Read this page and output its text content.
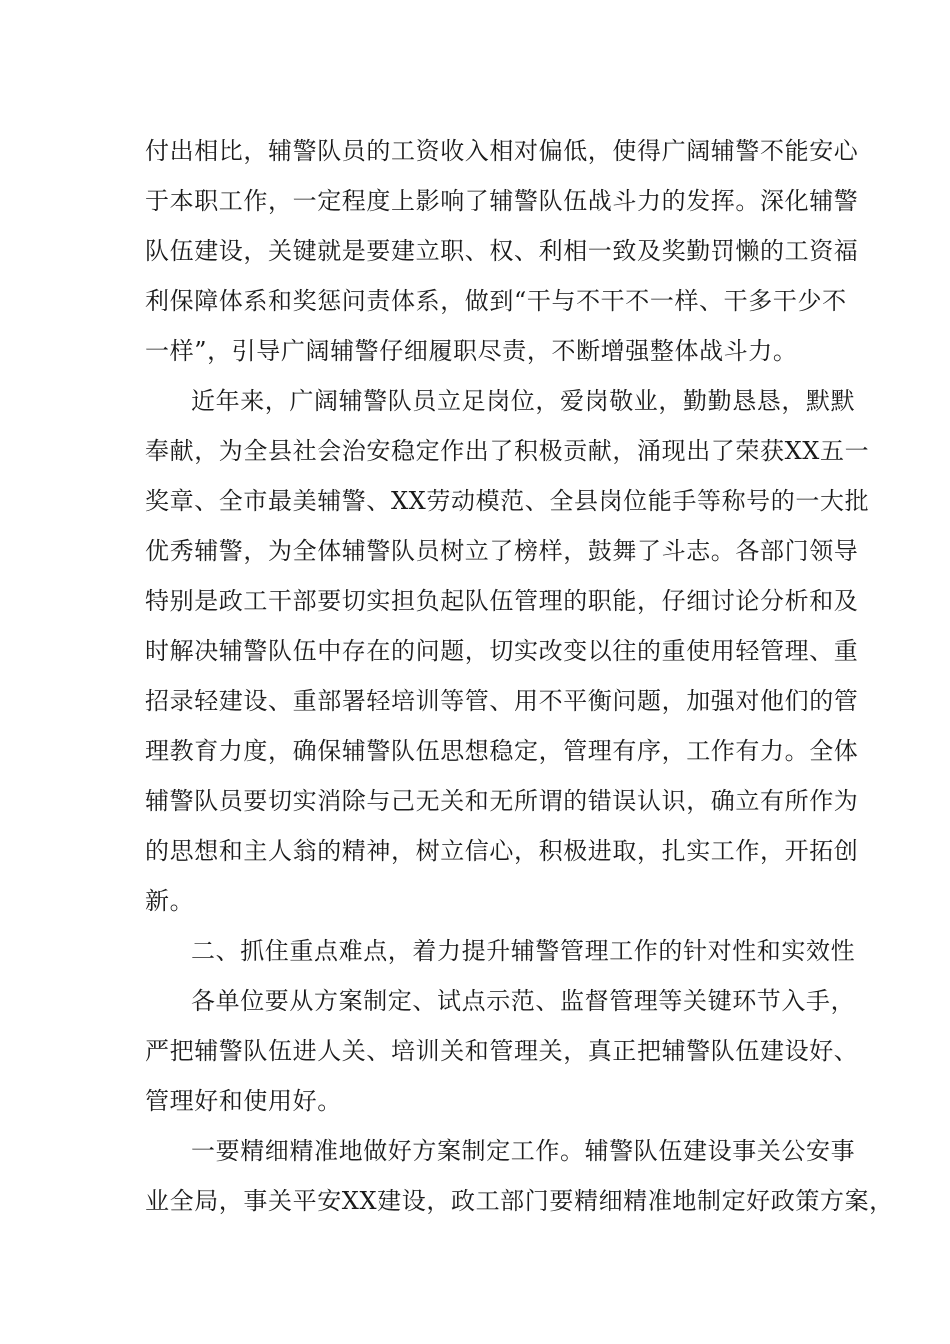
付出相比，辅警队员的工资收入相对偏低，使得广阔辅警不能安心
于本职工作，一定程度上影响了辅警队伍战斗力的发挥。深化辅警
队伍建设，关键就是要建立职、权、利相一致及奖勤罚懒的工资福
利保障体系和奖惩问责体系，做到“干与不干不一样、干多干少不
一样”，引导广阔辅警仔细履职尽责，不断增强整体战斗力。
近年来，广阔辅警队员立足岗位，爱岗敬业，勤勤恳恳，默默
奉献，为全县社会治安稳定作出了积极贡献，涌现出了荣获XX五一
奖章、全市最美辅警、XX劳动模范、全县岗位能手等称号的一大批
优秀辅警，为全体辅警队员树立了榜样，鼓舞了斗志。各部门领导
特别是政工干部要切实担负起队伍管理的职能，仔细讨论分析和及
时解决辅警队伍中存在的问题，切实改变以往的重使用轻管理、重
招录轻建设、重部署轻培训等管、用不平衡问题，加强对他们的管
理教育力度，确保辅警队伍思想稳定，管理有序，工作有力。全体
辅警队员要切实消除与己无关和无所谓的错误认识，确立有所作为
的思想和主人翁的精神，树立信心，积极进取，扎实工作，开拓创
新。
二、抓住重点难点，着力提升辅警管理工作的针对性和实效性
各单位要从方案制定、试点示范、监督管理等关键环节入手，
严把辅警队伍进人关、培训关和管理关，真正把辅警队伍建设好、
管理好和使用好。
一要精细精准地做好方案制定工作。辅警队伍建设事关公安事
业全局，事关平安XX建设，政工部门要精细精准地制定好政策方案，
